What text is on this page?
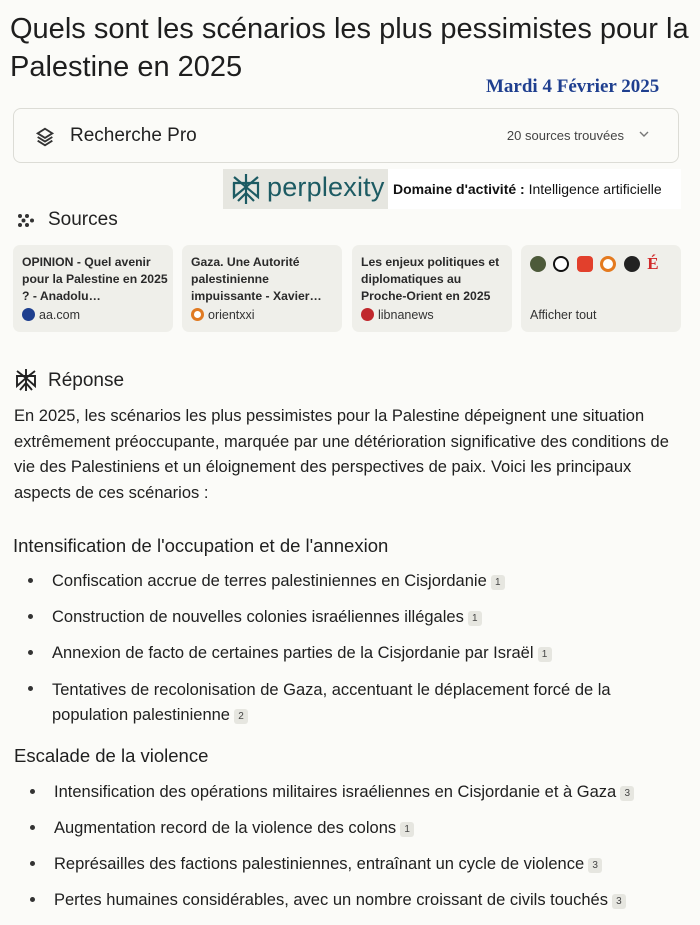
Quels sont les scénarios les plus pessimistes pour la Palestine en 2025
Mardi 4 Février 2025
Recherche Pro	20 sources trouvées
perplexity Domaine d'activité : Intelligence artificielle
Sources
OPINION - Quel avenir pour la Palestine en 2025 ? - Anadolu…
aa.com
Gaza. Une Autorité palestinienne impuissante - Xavier…
orientxxi
Les enjeux politiques et diplomatiques au Proche-Orient en 2025
libnanews
É
Afficher tout
Réponse
En 2025, les scénarios les plus pessimistes pour la Palestine dépeignent une situation extrêmement préoccupante, marquée par une détérioration significative des conditions de vie des Palestiniens et un éloignement des perspectives de paix. Voici les principaux aspects de ces scénarios :
Intensification de l'occupation et de l'annexion
Confiscation accrue de terres palestiniennes en Cisjordanie 1
Construction de nouvelles colonies israéliennes illégales 1
Annexion de facto de certaines parties de la Cisjordanie par Israël 1
Tentatives de recolonisation de Gaza, accentuant le déplacement forcé de la population palestinienne 2
Escalade de la violence
Intensification des opérations militaires israéliennes en Cisjordanie et à Gaza 3
Augmentation record de la violence des colons 1
Représailles des factions palestiniennes, entraînant un cycle de violence 3
Pertes humaines considérables, avec un nombre croissant de civils touchés 3
